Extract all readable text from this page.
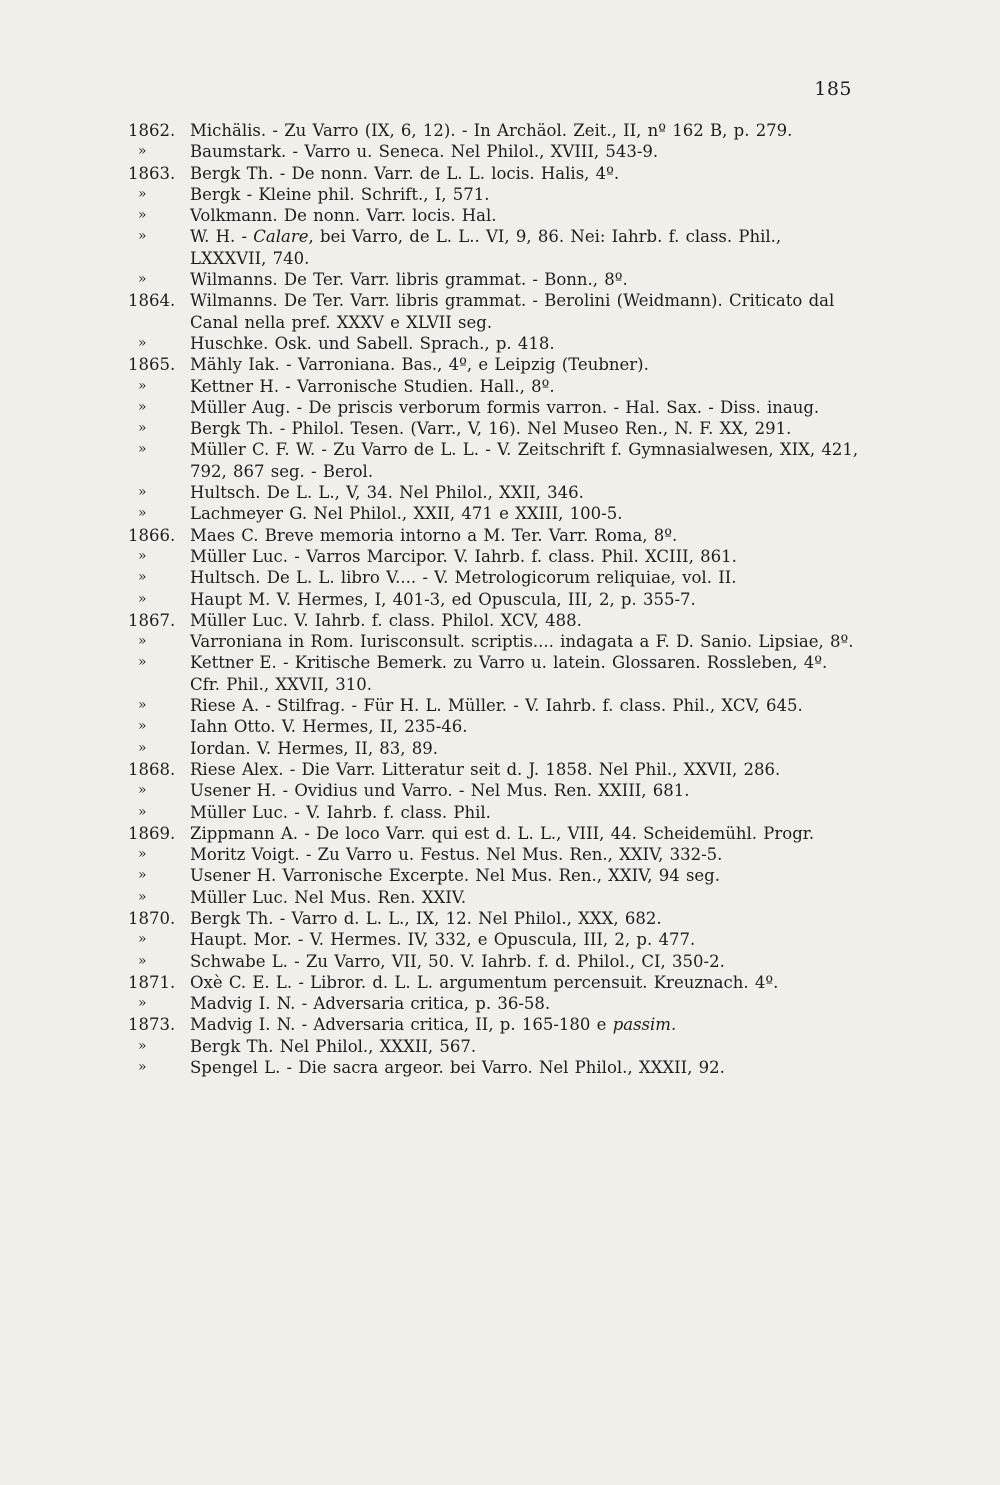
185
1862. Michälis. - Zu Varro (IX, 6, 12). - In Archäol. Zeit., II, nº 162 B, p. 279.
»	Baumstark. - Varro u. Seneca. Nel Philol., XVIII, 543-9.
1863. Bergk Th. - De nonn. Varr. de L. L. locis. Halis, 4º.
»	Bergk - Kleine phil. Schrift., I, 571.
»	Volkmann. De nonn. Varr. locis. Hal.
»	W. H. - Calare, bei Varro, de L. L.. VI, 9, 86. Nei: Iahrb. f. class. Phil., LXXXVII, 740.
»	Wilmanns. De Ter. Varr. libris grammat. - Bonn., 8º.
1864. Wilmanns. De Ter. Varr. libris grammat. - Berolini (Weidmann). Criticato dal Canal nella pref. XXXV e XLVII seg.
»	Huschke. Osk. und Sabell. Sprach., p. 418.
1865. Mähly Iak. - Varroniana. Bas., 4º, e Leipzig (Teubner).
»	Kettner H. - Varronische Studien. Hall., 8º.
»	Müller Aug. - De priscis verborum formis varron. - Hal. Sax. - Diss. inaug.
»	Bergk Th. - Philol. Tesen. (Varr., V, 16). Nel Museo Ren., N. F. XX, 291.
»	Müller C. F. W. - Zu Varro de L. L. - V. Zeitschrift f. Gymnasialwesen, XIX, 421, 792, 867 seg. - Berol.
»	Hultsch. De L. L., V, 34. Nel Philol., XXII, 346.
»	Lachmeyer G. Nel Philol., XXII, 471 e XXIII, 100-5.
1866. Maes C. Breve memoria intorno a M. Ter. Varr. Roma, 8º.
»	Müller Luc. - Varros Marcipor. V. Iahrb. f. class. Phil. XCIII, 861.
»	Hultsch. De L. L. libro V.... - V. Metrologicorum reliquiae, vol. II.
»	Haupt M. V. Hermes, I, 401-3, ed Opuscula, III, 2, p. 355-7.
1867. Müller Luc. V. Iahrb. f. class. Philol. XCV, 488.
»	Varroniana in Rom. Iurisconsult. scriptis.... indagata a F. D. Sanio. Lipsiae, 8º.
»	Kettner E. - Kritische Bemerk. zu Varro u. latein. Glossaren. Rossleben, 4º. Cfr. Phil., XXVII, 310.
»	Riese A. - Stilfrag. - Für H. L. Müller. - V. Iahrb. f. class. Phil., XCV, 645.
»	Iahn Otto. V. Hermes, II, 235-46.
»	Iordan. V. Hermes, II, 83, 89.
1868. Riese Alex. - Die Varr. Litteratur seit d. J. 1858. Nel Phil., XXVII, 286.
»	Usener H. - Ovidius und Varro. - Nel Mus. Ren. XXIII, 681.
»	Müller Luc. - V. Iahrb. f. class. Phil.
1869. Zippmann A. - De loco Varr. qui est d. L. L., VIII, 44. Scheidemühl. Progr.
»	Moritz Voigt. - Zu Varro u. Festus. Nel Mus. Ren., XXIV, 332-5.
»	Usener H. Varronische Excerpte. Nel Mus. Ren., XXIV, 94 seg.
»	Müller Luc. Nel Mus. Ren. XXIV.
1870. Bergk Th. - Varro d. L. L., IX, 12. Nel Philol., XXX, 682.
»	Haupt. Mor. - V. Hermes. IV, 332, e Opuscula, III, 2, p. 477.
»	Schwabe L. - Zu Varro, VII, 50. V. Iahrb. f. d. Philol., CI, 350-2.
1871. Oxè C. E. L. - Libror. d. L. L. argumentum percensuit. Kreuznach. 4º.
»	Madvig I. N. - Adversaria critica, p. 36-58.
1873. Madvig I. N. - Adversaria critica, II, p. 165-180 e passim.
»	Bergk Th. Nel Philol., XXXII, 567.
»	Spengel L. - Die sacra argeor. bei Varro. Nel Philol., XXXII, 92.
